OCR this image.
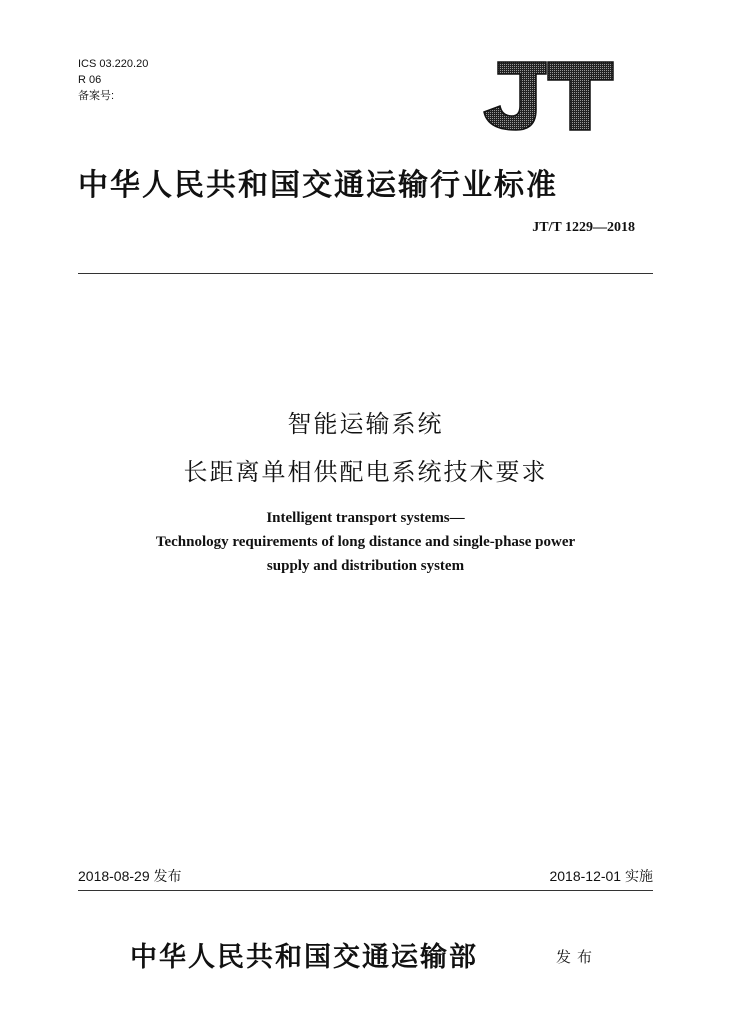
ICS 03.220.20
R 06
备案号:
中华人民共和国交通运输行业标准
JT/T 1229—2018
智能运输系统
长距离单相供配电系统技术要求
Intelligent transport systems—
Technology requirements of long distance and single-phase power
supply and distribution system
2018-08-29 发布	2018-12-01 实施
中华人民共和国交通运输部	发布
